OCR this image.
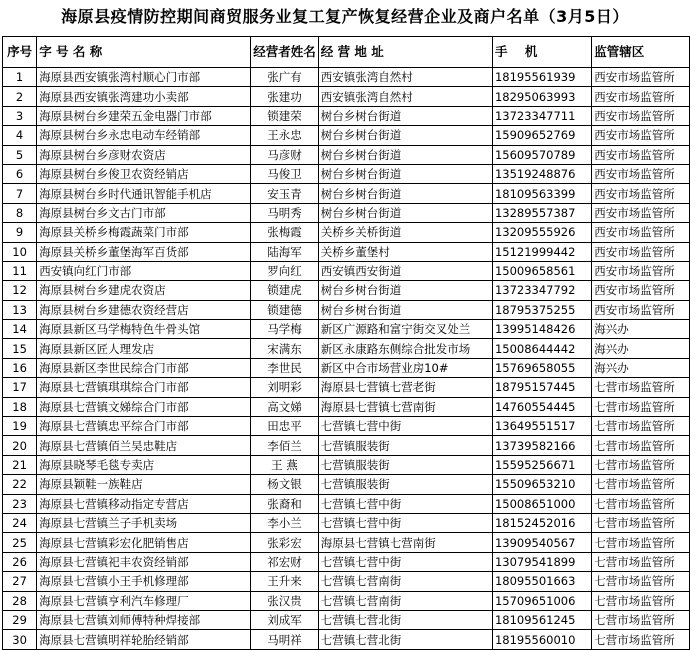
海原县疫情防控期间商贸服务业复工复产恢复经营企业及商户名单（3月5日）
序号	字 号 名 称	经营者姓名	经 营 地 址	手    机	监管辖区
1	海原县西安镇张湾村顺心门市部	张广有	西安镇张湾自然村	18195561939	西安市场监管所
2	海原县西安镇张湾建功小卖部	张建功	西安镇张湾自然村	18295063993	西安市场监管所
3	海原县树台乡建荣五金电器门市部	锁建荣	树台乡树台街道	13723347711	西安市场监管所
4	海原县树台乡永忠电动车经销部	王永忠	树台乡树台街道	15909652769	西安市场监管所
5	海原县树台乡彦财农资店	马彦财	树台乡树台街道	15609570789	西安市场监管所
6	海原县树台乡俊卫农资经销店	马俊卫	树台乡树台街道	13519248876	西安市场监管所
7	海原县树台乡时代通讯智能手机店	安玉青	树台乡树台街道	18109563399	西安市场监管所
8	海原县树台乡文古门市部	马明秀	树台乡树台街道	13289557387	西安市场监管所
9	海原县关桥乡梅霞蔬菜门市部	张梅霞	关桥乡关桥街道	13209555926	西安市场监管所
10	海原县关桥乡董堡海军百货部	陆海军	关桥乡董堡村	15121999442	西安市场监管所
11	西安镇向红门市部	罗向红	西安镇西安街道	15009658561	西安市场监管所
12	海原县树台乡建虎农资店	锁建虎	树台乡树台街道	13723347792	西安市场监管所
13	海原县树台乡建德农资经营店	锁建德	树台乡树台街道	18795375255	西安市场监管所
14	海原县新区马学梅特色牛骨头馆	马学梅	新区广源路和富宁街交叉处兰	13995148426	海兴办
15	海原县新区匠人理发店	宋满东	新区永康路东侧综合批发市场	15008644442	海兴办
16	海原县新区李世民综合门市部	李世民	新区中合市场营业房10#	15769658055	海兴办
17	海原县七营镇琪琪综合门市部	刘明彩	海原县七营镇七营老街	18795157445	七营市场监管所
18	海原县七营镇文娣综合门市部	高文娣	海原县七营镇七营南街	14760554445	七营市场监管所
19	海原县七营镇忠平综合门市部	田忠平	七营镇七营中街	13649551517	七营市场监管所
20	海原县七营镇佰兰吴忠鞋店	李佰兰	七营镇服装街	13739582166	七营市场监管所
21	海原县晓琴毛毯专卖店	王 燕	七营镇服装街	15595256671	七营市场监管所
22	海原县颖鞋一族鞋店	杨文银	七营镇服装街	15509653210	七营市场监管所
23	海原县七营镇移动指定专营店	张裔和	七营镇七营中街	15008651000	七营市场监管所
24	海原县七营镇兰子手机卖场	李小兰	七营镇七营中街	18152452016	七营市场监管所
25	海原县七营镇彩宏化肥销售店	张彩宏	海原县七营镇七营南街	13909540567	七营市场监管所
26	海原县七营镇祀丰农资经销部	祁宏财	七营镇七营中街	13079541899	七营市场监管所
27	海原县七营镇小王手机修理部	王升来	七营镇七营南街	18095501663	七营市场监管所
28	海原县七营镇亨利汽车修理厂	张汉贵	七营镇七营南街	15709651006	七营市场监管所
29	海原县七营镇刘师傅特种焊接部	刘成军	七营镇七营北街	18109561245	七营市场监管所
30	海原县七营镇明祥轮胎经销部	马明祥	七营镇七营北街	18195560010	七营市场监管所
